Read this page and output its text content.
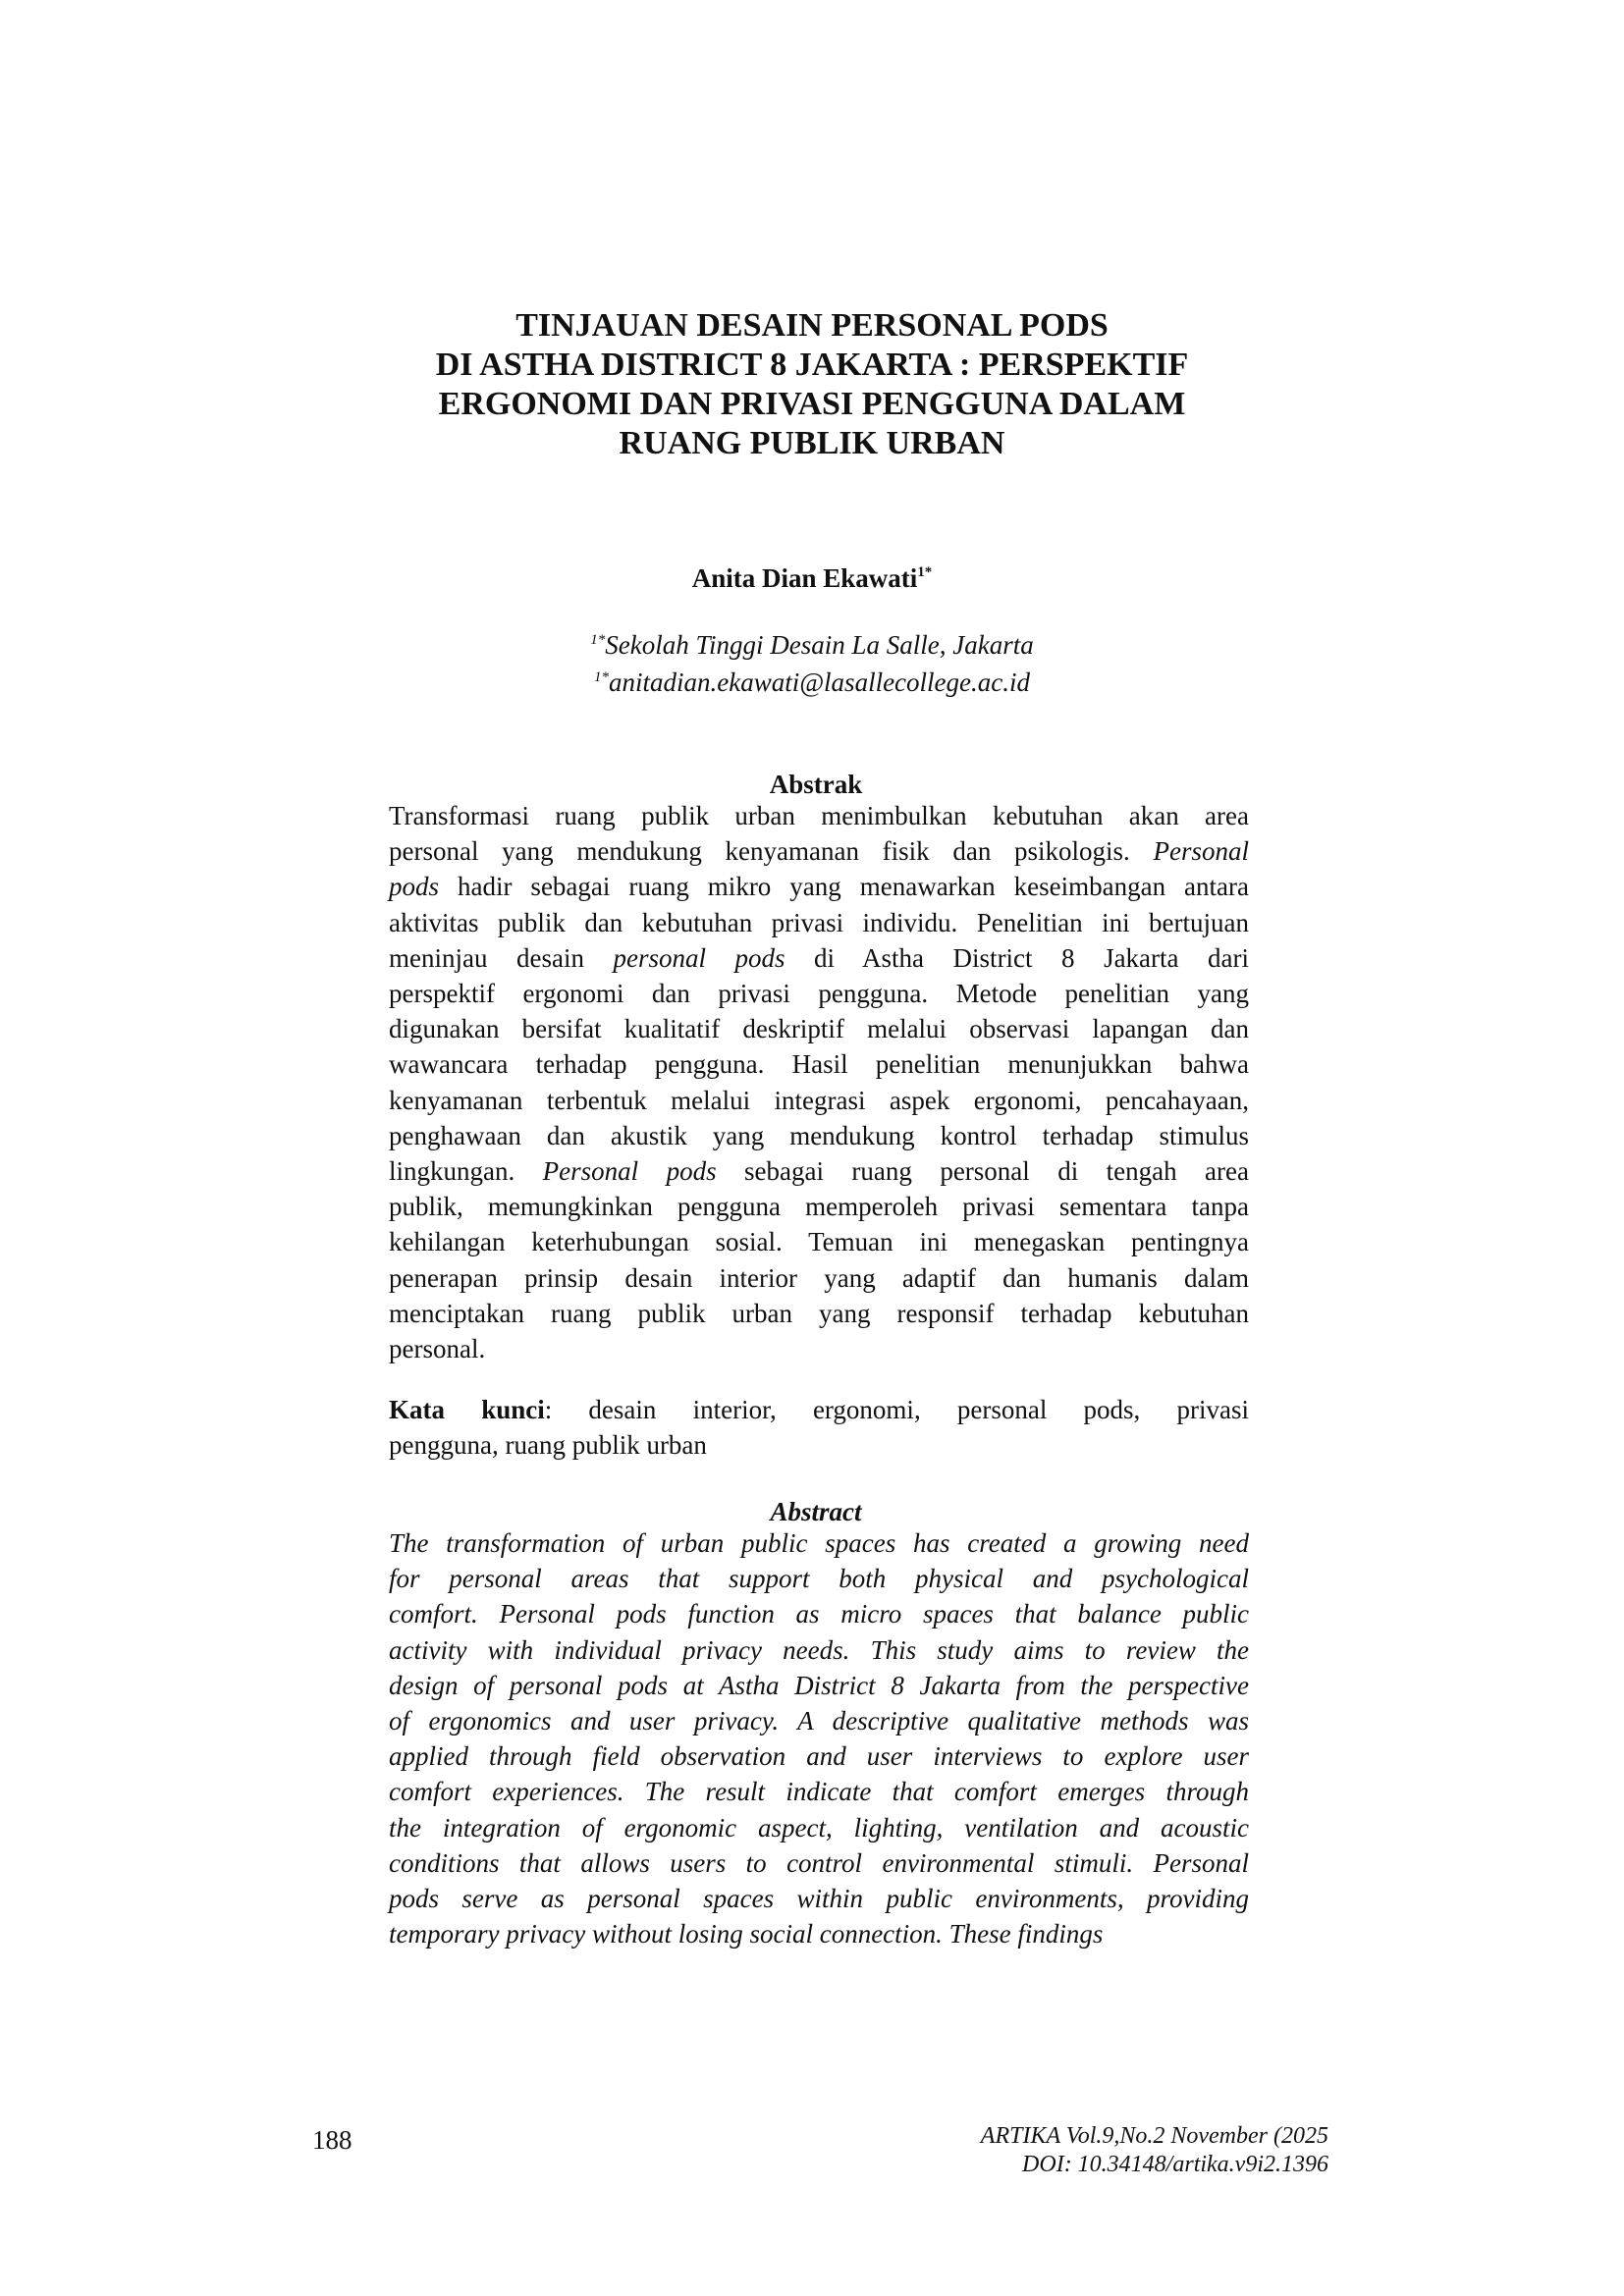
TINJAUAN DESAIN PERSONAL PODS
DI ASTHA DISTRICT 8 JAKARTA : PERSPEKTIF
ERGONOMI DAN PRIVASI PENGGUNA DALAM
RUANG PUBLIK URBAN
Anita Dian Ekawati$^{1*}$
$^{1*}$Sekolah Tinggi Desain La Salle, Jakarta
$^{1*}$anitadian.ekawati@lasallecollege.ac.id
Abstrak
Transformasi ruang publik urban menimbulkan kebutuhan akan area
personal yang mendukung kenyamanan fisik dan psikologis. Personal
pods hadir sebagai ruang mikro yang menawarkan keseimbangan antara
aktivitas publik dan kebutuhan privasi individu. Penelitian ini bertujuan
meninjau desain personal pods di Astha District 8 Jakarta dari
perspektif ergonomi dan privasi pengguna. Metode penelitian yang
digunakan bersifat kualitatif deskriptif melalui observasi lapangan dan
wawancara terhadap pengguna. Hasil penelitian menunjukkan bahwa
kenyamanan terbentuk melalui integrasi aspek ergonomi, pencahayaan,
penghawaan dan akustik yang mendukung kontrol terhadap stimulus
lingkungan. Personal pods sebagai ruang personal di tengah area
publik, memungkinkan pengguna memperoleh privasi sementara tanpa
kehilangan keterhubungan sosial. Temuan ini menegaskan pentingnya
penerapan prinsip desain interior yang adaptif dan humanis dalam
menciptakan ruang publik urban yang responsif terhadap kebutuhan
personal.
Kata kunci: desain interior, ergonomi, personal pods, privasi
pengguna, ruang publik urban
Abstract
The transformation of urban public spaces has created a growing need
for personal areas that support both physical and psychological
comfort. Personal pods function as micro spaces that balance public
activity with individual privacy needs. This study aims to review the
design of personal pods at Astha District 8 Jakarta from the perspective
of ergonomics and user privacy. A descriptive qualitative methods was
applied through field observation and user interviews to explore user
comfort experiences. The result indicate that comfort emerges through
the integration of ergonomic aspect, lighting, ventilation and acoustic
conditions that allows users to control environmental stimuli. Personal
pods serve as personal spaces within public environments, providing
temporary privacy without losing social connection. These findings
188	ARTIKA Vol.9,No.2 November (2025
DOI: 10.34148/artika.v9i2.1396
